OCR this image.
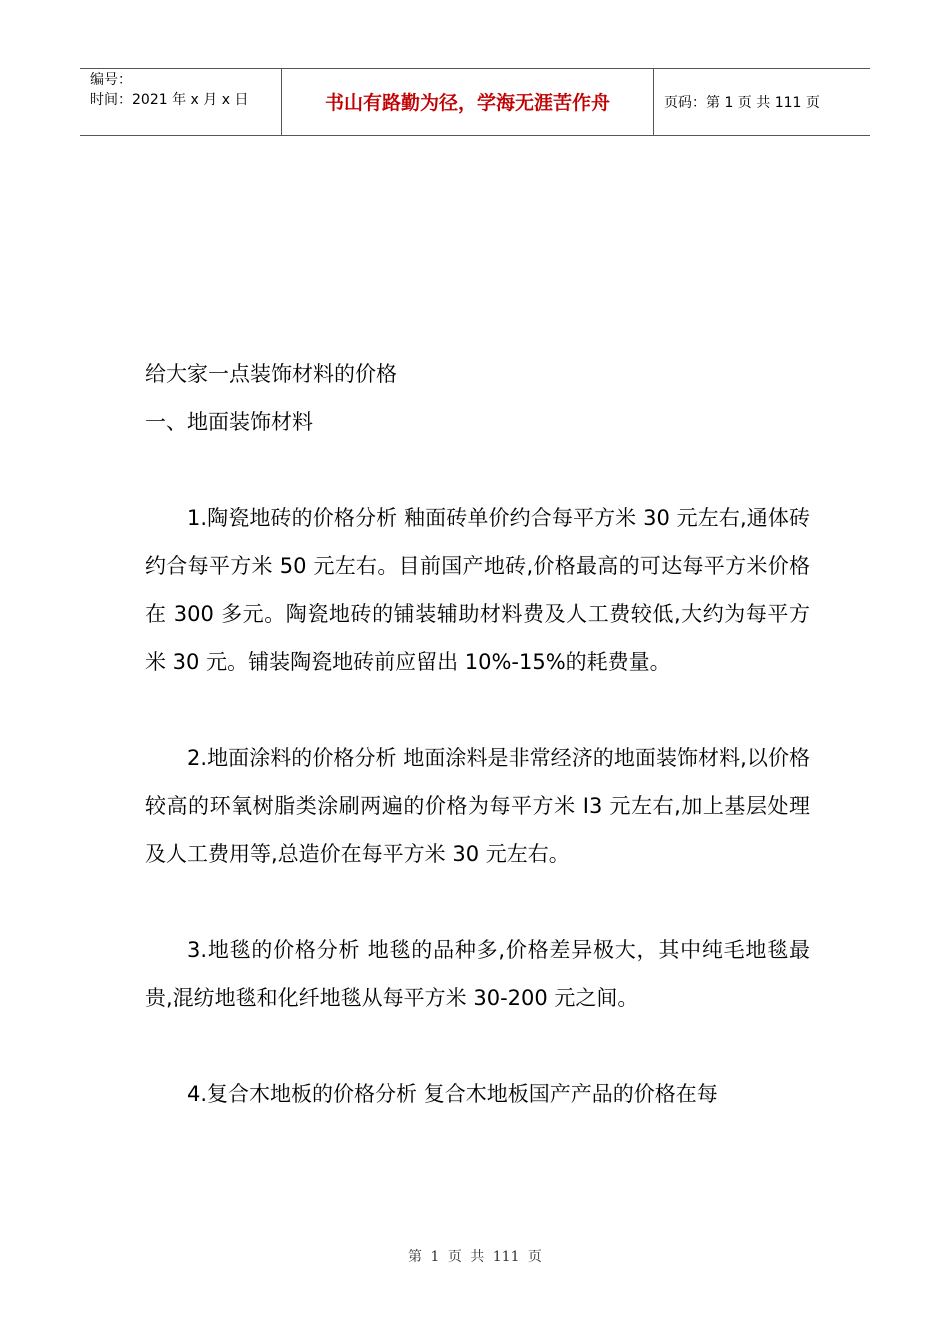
编号：
时间：2021 年 x 月 x 日	书山有路勤为径，学海无涯苦作舟	页码：第 1 页 共 111 页

给大家一点装饰材料的价格

一、地面装饰材料

1.陶瓷地砖的价格分析 釉面砖单价约合每平方米 30 元左右,通体砖约合每平方米 50 元左右。目前国产地砖,价格最高的可达每平方米价格在 300 多元。陶瓷地砖的铺装辅助材料费及人工费较低,大约为每平方米 30 元。铺装陶瓷地砖前应留出 10%-15%的耗费量。

2.地面涂料的价格分析 地面涂料是非常经济的地面装饰材料,以价格较高的环氧树脂类涂刷两遍的价格为每平方米 I3 元左右,加上基层处理及人工费用等,总造价在每平方米 30 元左右。

3.地毯的价格分析 地毯的品种多,价格差异极大，其中纯毛地毯最贵,混纺地毯和化纤地毯从每平方米 30-200 元之间。

4.复合木地板的价格分析 复合木地板国产产品的价格在每

第 1 页 共 111 页
